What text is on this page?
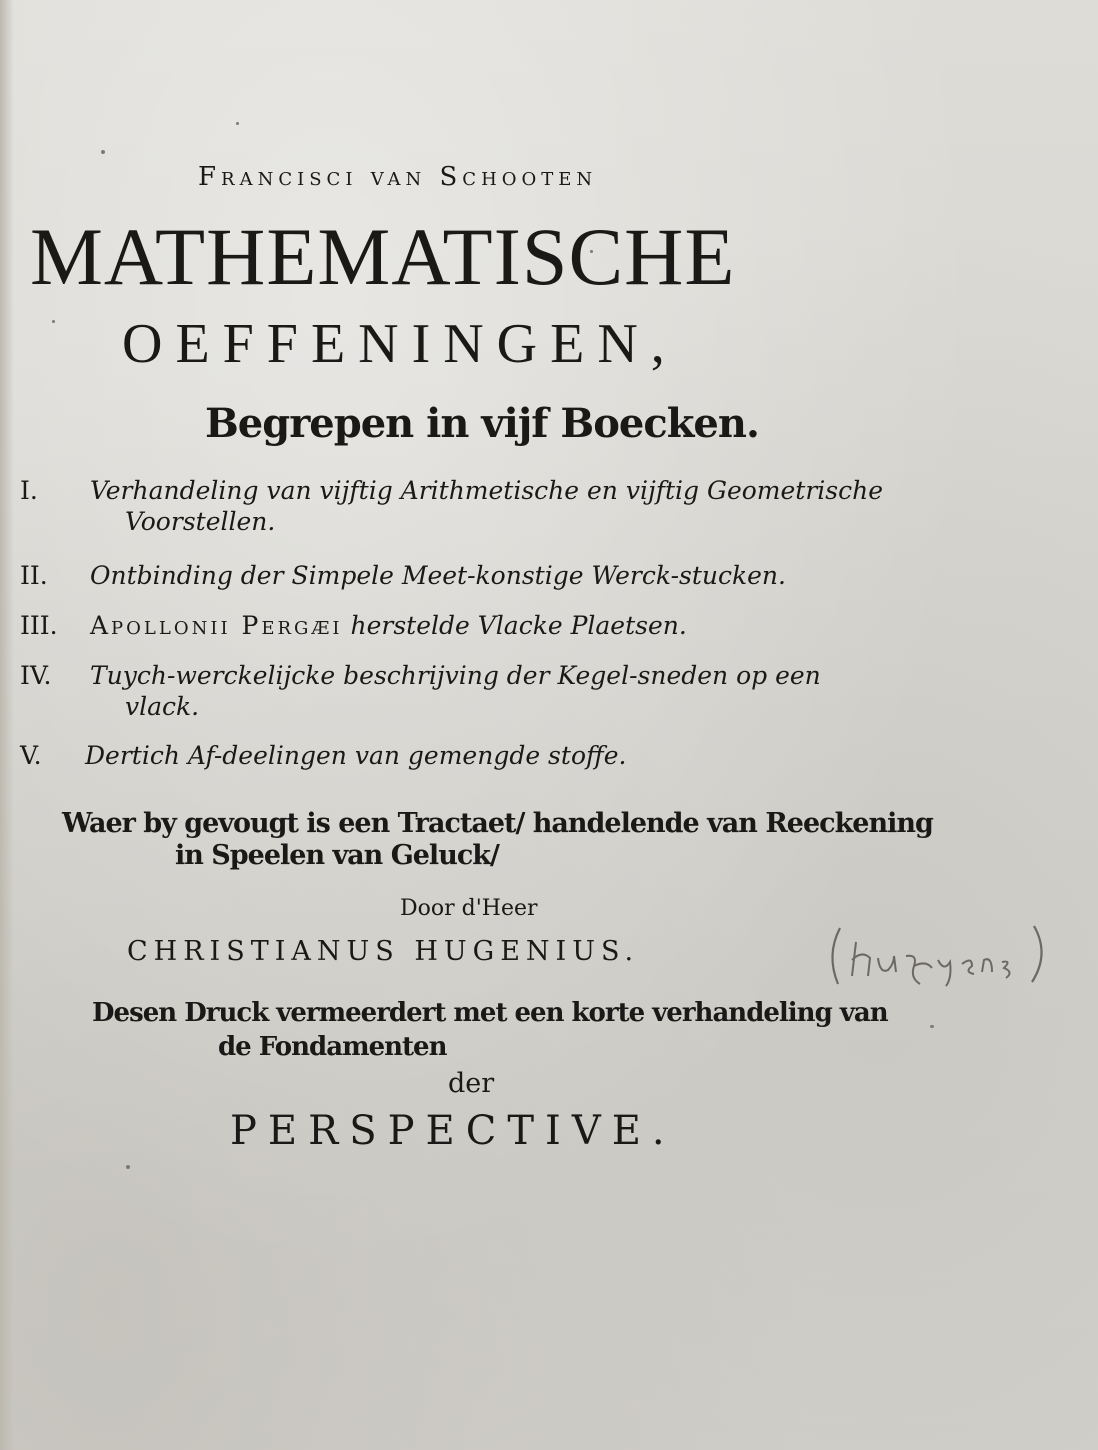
Francisci van Schooten

MATHEMATISCHE

OEFFENINGEN,

Begrepen in vijf Boecken.

I. Verhandeling van vijftig Arithmetische en vijftig Geometrische
Voorstellen.
II. Ontbinding der Simpele Meet-konstige Werck-stucken.
III. Apollonii Pergæi herstelde Vlacke Plaetsen.
IV. Tuych-werckelijcke beschrijving der Kegel-sneden op een
vlack.
V. Dertich Af-deelingen van gemengde stoffe.

Waer by gevougt is een Tractaet/ handelende van Reeckening

in Speelen van Geluck/

Door d'Heer

CHRISTIANUS HUGENIUS.

Desen Druck vermeerdert met een korte verhandeling van

de Fondamenten

der

PERSPECTIVE.
